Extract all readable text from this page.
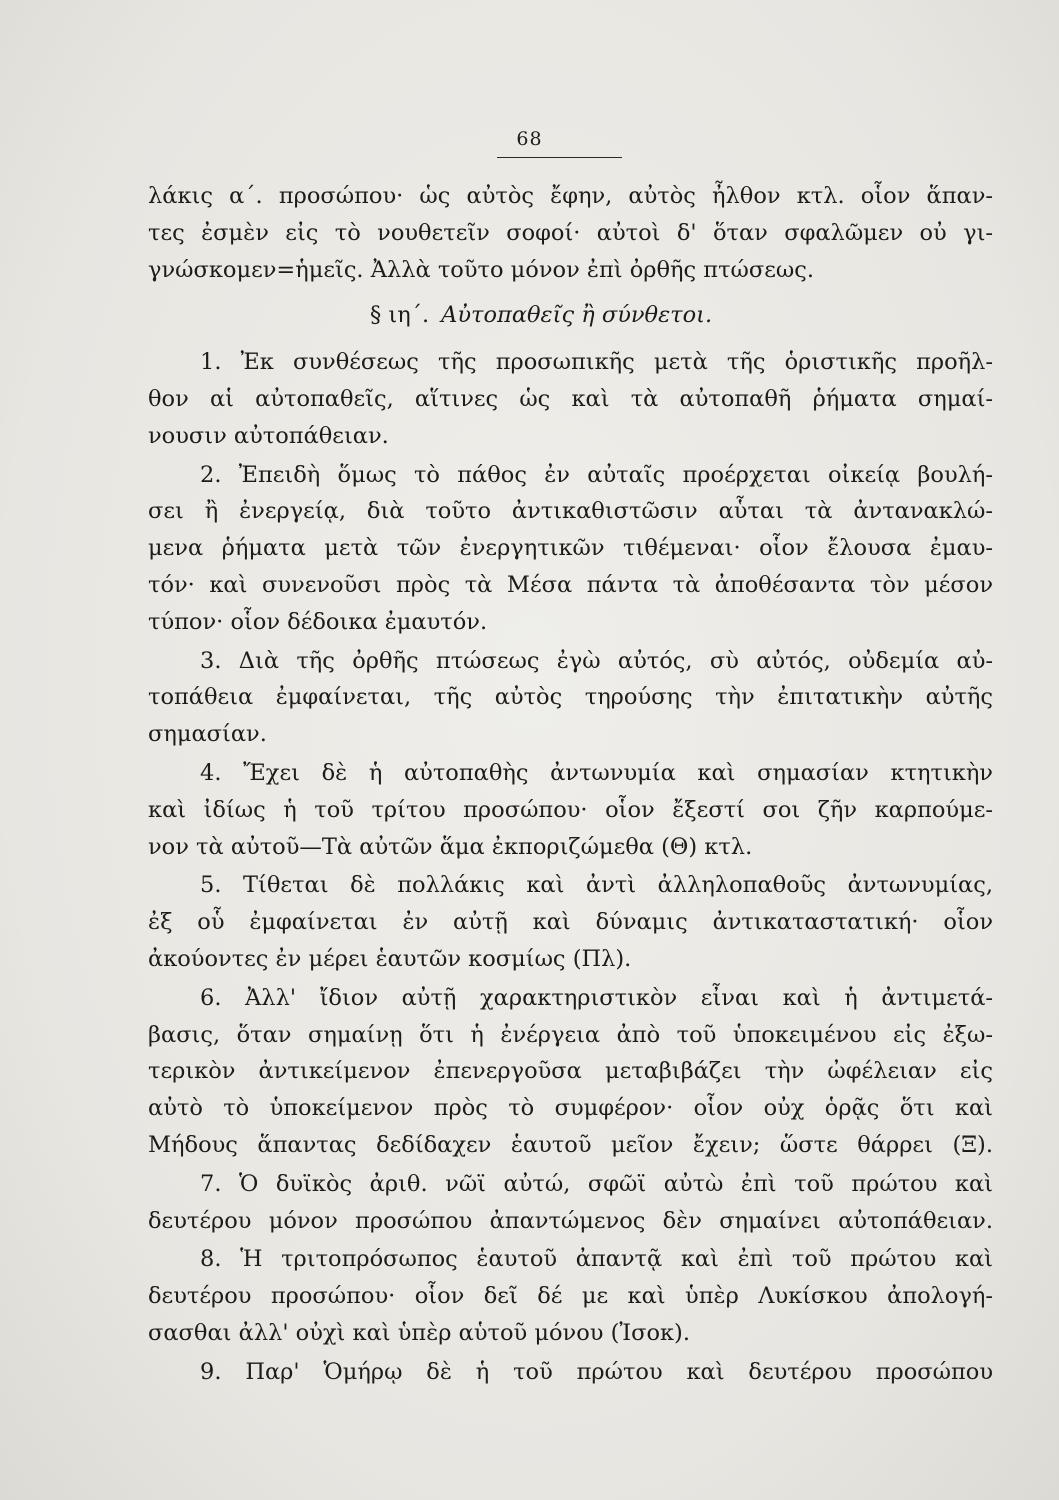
68
λάκις α΄. προσώπου· ὡς αὐτὸς ἔφην, αὐτὸς ἦλθον κτλ. οἷον ἅπαν-
τες ἐσμὲν εἰς τὸ νουθετεῖν σοφοί· αὐτοὶ δ' ὅταν σφαλῶμεν οὐ γι-
γνώσκομεν=ἡμεῖς. Ἀλλὰ τοῦτο μόνον ἐπὶ ὀρθῆς πτώσεως.
§ ιη΄. Αὐτοπαθεῖς ἢ σύνθετοι.
1. Ἐκ συνθέσεως τῆς προσωπικῆς μετὰ τῆς ὁριστικῆς προῆλ-
θον αἱ αὐτοπαθεῖς, αἵτινες ὡς καὶ τὰ αὐτοπαθῆ ῥήματα σημαί-
νουσιν αὐτοπάθειαν.
2. Ἐπειδὴ ὅμως τὸ πάθος ἐν αὐταῖς προέρχεται οἰκείᾳ βουλή-
σει ἢ ἐνεργείᾳ, διὰ τοῦτο ἀντικαθιστῶσιν αὗται τὰ ἀντανακλώ-
μενα ῥήματα μετὰ τῶν ἐνεργητικῶν τιθέμεναι· οἷον ἔλουσα ἐμαυ-
τόν· καὶ συνενοῦσι πρὸς τὰ Μέσα πάντα τὰ ἀποθέσαντα τὸν μέσον
τύπον· οἷον δέδοικα ἐμαυτόν.
3. Διὰ τῆς ὀρθῆς πτώσεως ἐγὼ αὐτός, σὺ αὐτός, οὐδεμία αὐ-
τοπάθεια ἐμφαίνεται, τῆς αὐτὸς τηρούσης τὴν ἐπιτατικὴν αὐτῆς
σημασίαν.
4. Ἔχει δὲ ἡ αὐτοπαθὴς ἀντωνυμία καὶ σημασίαν κτητικὴν
καὶ ἰδίως ἡ τοῦ τρίτου προσώπου· οἷον ἔξεστί σοι ζῆν καρπούμε-
νον τὰ αὐτοῦ—Τὰ αὐτῶν ἅμα ἐκποριζώμεθα (Θ) κτλ.
5. Τίθεται δὲ πολλάκις καὶ ἀντὶ ἀλληλοπαθοῦς ἀντωνυμίας,
ἐξ οὗ ἐμφαίνεται ἐν αὐτῇ καὶ δύναμις ἀντικαταστατική· οἷον
ἀκούοντες ἐν μέρει ἑαυτῶν κοσμίως (Πλ).
6. Ἀλλ' ἴδιον αὐτῇ χαρακτηριστικὸν εἶναι καὶ ἡ ἀντιμετά-
βασις, ὅταν σημαίνῃ ὅτι ἡ ἐνέργεια ἀπὸ τοῦ ὑποκειμένου εἰς ἐξω-
τερικὸν ἀντικείμενον ἐπενεργοῦσα μεταβιβάζει τὴν ὠφέλειαν εἰς
αὐτὸ τὸ ὑποκείμενον πρὸς τὸ συμφέρον· οἷον οὐχ ὁρᾷς ὅτι καὶ
Μήδους ἅπαντας δεδίδαχεν ἑαυτοῦ μεῖον ἔχειν; ὥστε θάρρει (Ξ).
7. Ὁ δυϊκὸς ἀριθ. νῶϊ αὐτώ, σφῶϊ αὐτὼ ἐπὶ τοῦ πρώτου καὶ
δευτέρου μόνον προσώπου ἀπαντώμενος δὲν σημαίνει αὐτοπάθειαν.
8. Ἡ τριτοπρόσωπος ἑαυτοῦ ἀπαντᾷ καὶ ἐπὶ τοῦ πρώτου καὶ
δευτέρου προσώπου· οἷον δεῖ δέ με καὶ ὑπὲρ Λυκίσκου ἀπολογή-
σασθαι ἀλλ' οὐχὶ καὶ ὑπὲρ αὑτοῦ μόνου (Ἰσοκ).
9. Παρ' Ὁμήρῳ δὲ ἡ τοῦ πρώτου καὶ δευτέρου προσώπου
